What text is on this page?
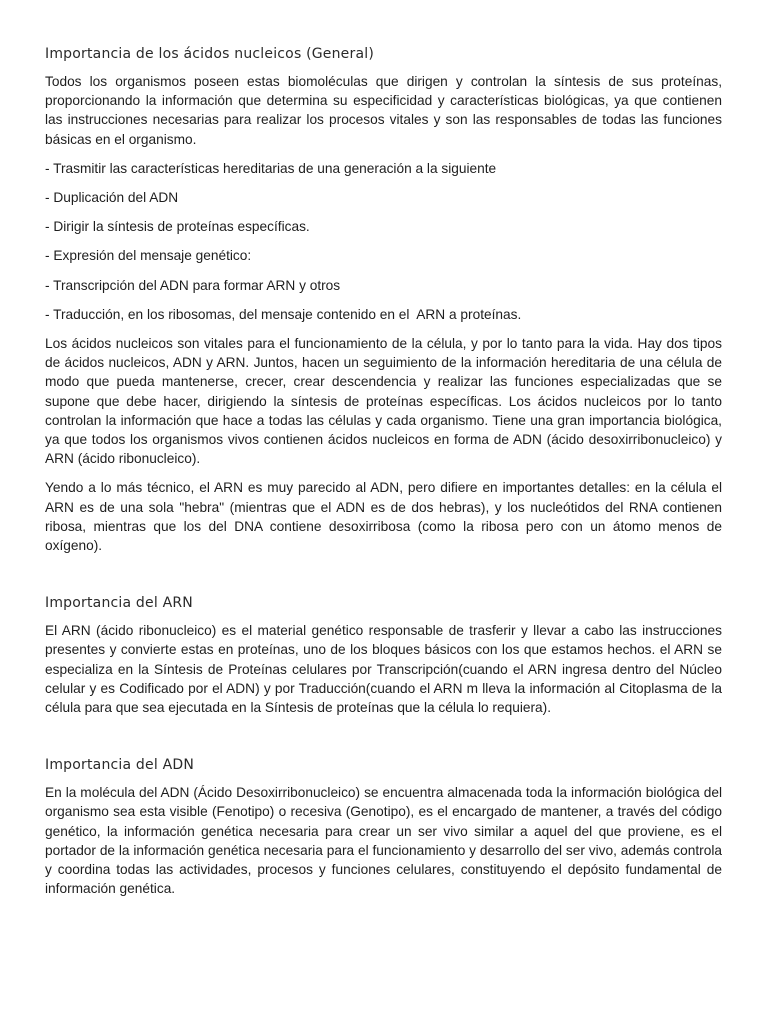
Importancia de los ácidos nucleicos (General)

Todos los organismos poseen estas biomoléculas que dirigen y controlan la síntesis de sus proteínas, proporcionando la información que determina su especificidad y características biológicas, ya que contienen las instrucciones necesarias para realizar los procesos vitales y son las responsables de todas las funciones básicas en el organismo.

- Trasmitir las características hereditarias de una generación a la siguiente
- Duplicación del ADN
- Dirigir la síntesis de proteínas específicas.
- Expresión del mensaje genético:
- Transcripción del ADN para formar ARN y otros
- Traducción, en los ribosomas, del mensaje contenido en el  ARN a proteínas.

Los ácidos nucleicos son vitales para el funcionamiento de la célula, y por lo tanto para la vida. Hay dos tipos de ácidos nucleicos, ADN y ARN. Juntos, hacen un seguimiento de la información hereditaria de una célula de modo que pueda mantenerse, crecer, crear descendencia y realizar las funciones especializadas que se supone que debe hacer, dirigiendo la síntesis de proteínas específicas. Los ácidos nucleicos por lo tanto controlan la información que hace a todas las células y cada organismo. Tiene una gran importancia biológica, ya que todos los organismos vivos contienen ácidos nucleicos en forma de ADN (ácido desoxirribonucleico) y ARN (ácido ribonucleico).

Yendo a lo más técnico, el ARN es muy parecido al ADN, pero difiere en importantes detalles: en la célula el ARN es de una sola "hebra" (mientras que el ADN es de dos hebras), y los nucleótidos del RNA contienen ribosa, mientras que los del DNA contiene desoxirribosa (como la ribosa pero con un átomo menos de oxígeno).

Importancia del ARN

El ARN (ácido ribonucleico) es el material genético responsable de trasferir y llevar a cabo las instrucciones presentes y convierte estas en proteínas, uno de los bloques básicos con los que estamos hechos. el ARN se especializa en la Síntesis de Proteínas celulares por Transcripción(cuando el ARN ingresa dentro del Núcleo celular y es Codificado por el ADN) y por Traducción(cuando el ARN m lleva la información al Citoplasma de la célula para que sea ejecutada en la Síntesis de proteínas que la célula lo requiera).

Importancia del ADN

En la molécula del ADN (Ácido Desoxirribonucleico) se encuentra almacenada toda la información biológica del organismo sea esta visible (Fenotipo) o recesiva (Genotipo), es el encargado de mantener, a través del código genético, la información genética necesaria para crear un ser vivo similar a aquel del que proviene, es el portador de la información genética necesaria para el funcionamiento y desarrollo del ser vivo, además controla y coordina todas las actividades, procesos y funciones celulares, constituyendo el depósito fundamental de información genética.
